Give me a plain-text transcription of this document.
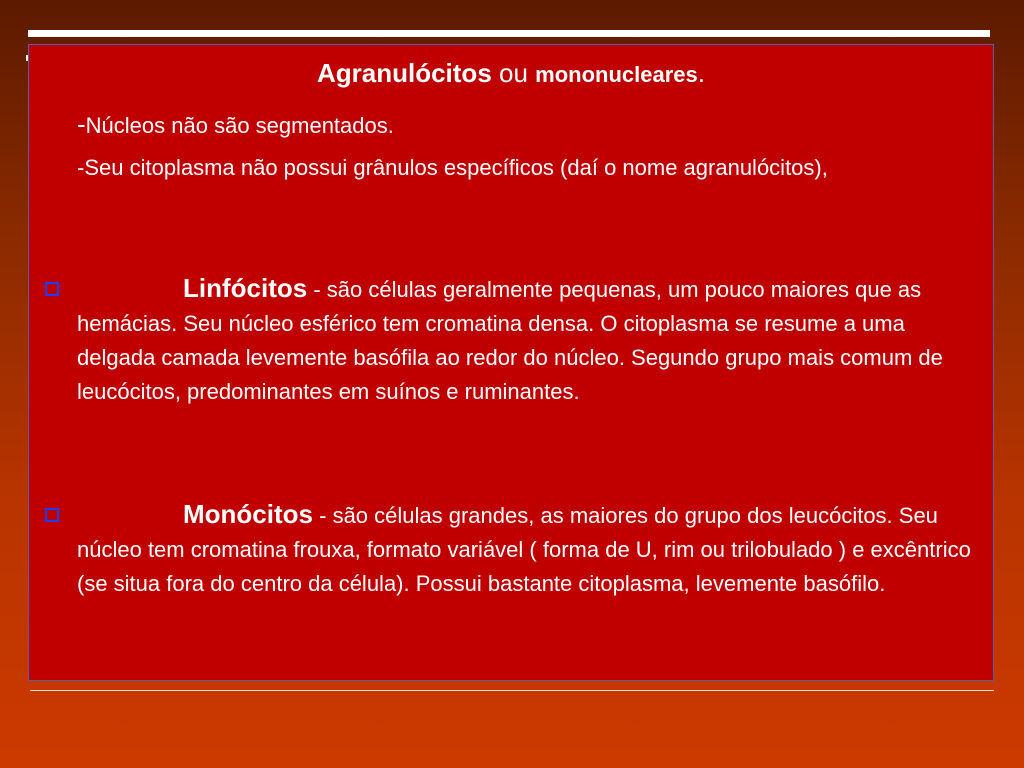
Agranulócitos ou mononucleares.
-Núcleos não são segmentados.
-Seu citoplasma não possui grânulos específicos (daí o nome agranulócitos),
Linfócitos - são células geralmente pequenas, um pouco maiores que as hemácias. Seu núcleo esférico tem cromatina densa. O citoplasma se resume a uma delgada camada levemente basófila ao redor do núcleo. Segundo grupo mais comum de leucócitos, predominantes em suínos e ruminantes.
Monócitos - são células grandes, as maiores do grupo dos leucócitos. Seu núcleo tem cromatina frouxa, formato variável ( forma de U, rim ou trilobulado ) e excêntrico (se situa fora do centro da célula). Possui bastante citoplasma, levemente basófilo.
